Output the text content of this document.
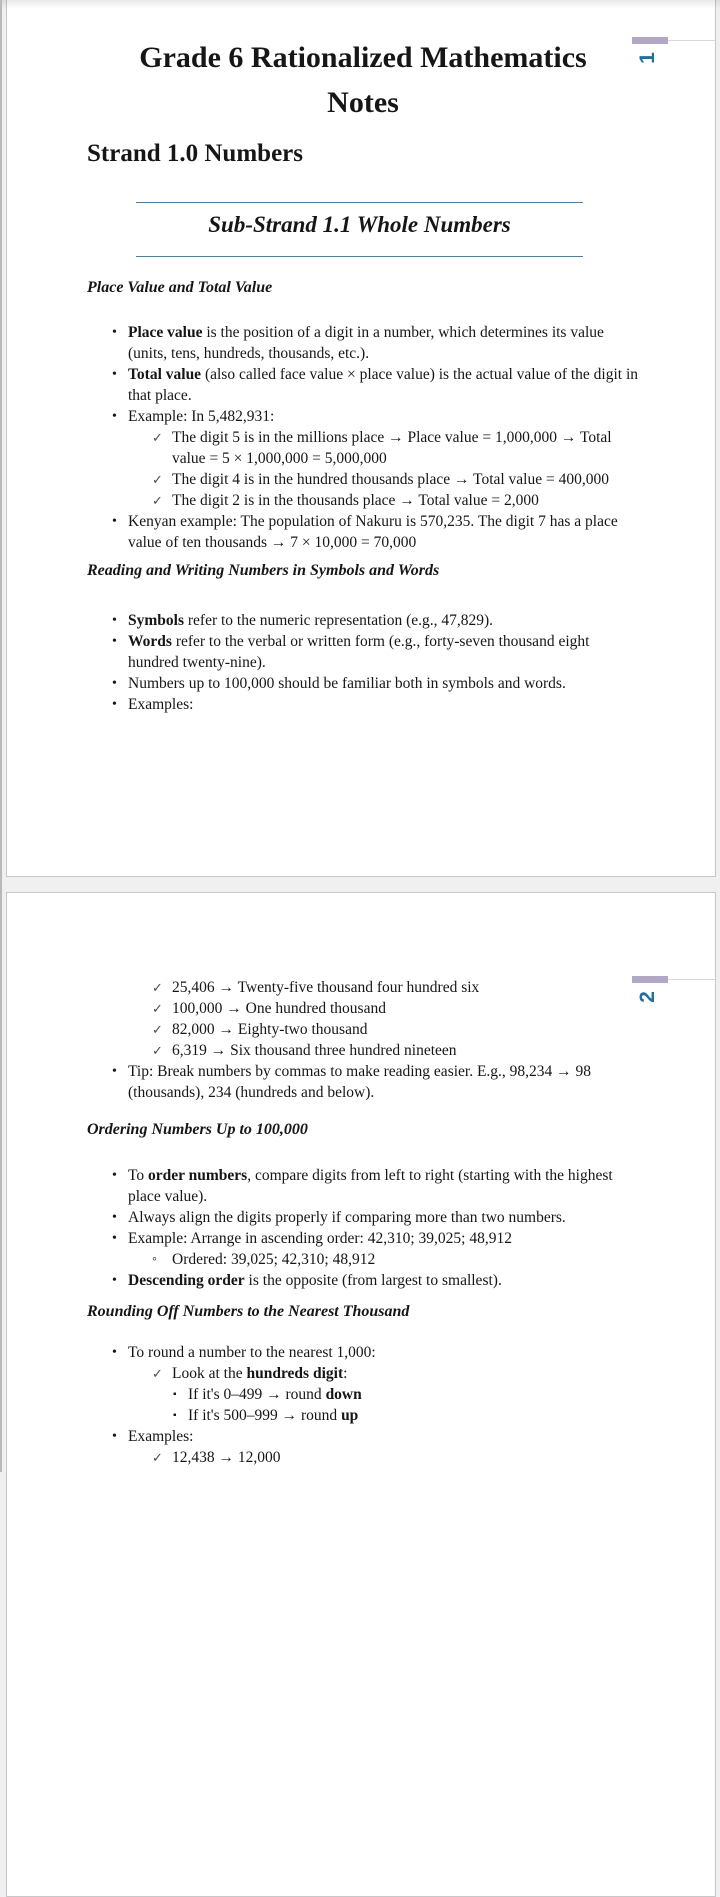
1
Grade 6 Rationalized Mathematics
Notes
Strand 1.0 Numbers
Sub-Strand 1.1 Whole Numbers
Place Value and Total Value
• Place value is the position of a digit in a number, which determines its value (units, tens, hundreds, thousands, etc.).
• Total value (also called face value × place value) is the actual value of the digit in that place.
• Example: In 5,482,931:
✓ The digit 5 is in the millions place → Place value = 1,000,000 → Total value = 5 × 1,000,000 = 5,000,000
✓ The digit 4 is in the hundred thousands place → Total value = 400,000
✓ The digit 2 is in the thousands place → Total value = 2,000
• Kenyan example: The population of Nakuru is 570,235. The digit 7 has a place value of ten thousands → 7 × 10,000 = 70,000
Reading and Writing Numbers in Symbols and Words
• Symbols refer to the numeric representation (e.g., 47,829).
• Words refer to the verbal or written form (e.g., forty-seven thousand eight hundred twenty-nine).
• Numbers up to 100,000 should be familiar both in symbols and words.
• Examples:
2
✓ 25,406 → Twenty-five thousand four hundred six
✓ 100,000 → One hundred thousand
✓ 82,000 → Eighty-two thousand
✓ 6,319 → Six thousand three hundred nineteen
• Tip: Break numbers by commas to make reading easier. E.g., 98,234 → 98 (thousands), 234 (hundreds and below).
Ordering Numbers Up to 100,000
• To order numbers, compare digits from left to right (starting with the highest place value).
• Always align the digits properly if comparing more than two numbers.
• Example: Arrange in ascending order: 42,310; 39,025; 48,912
◦ Ordered: 39,025; 42,310; 48,912
• Descending order is the opposite (from largest to smallest).
Rounding Off Numbers to the Nearest Thousand
• To round a number to the nearest 1,000:
✓ Look at the hundreds digit:
▪ If it's 0–499 → round down
▪ If it's 500–999 → round up
• Examples:
✓ 12,438 → 12,000
